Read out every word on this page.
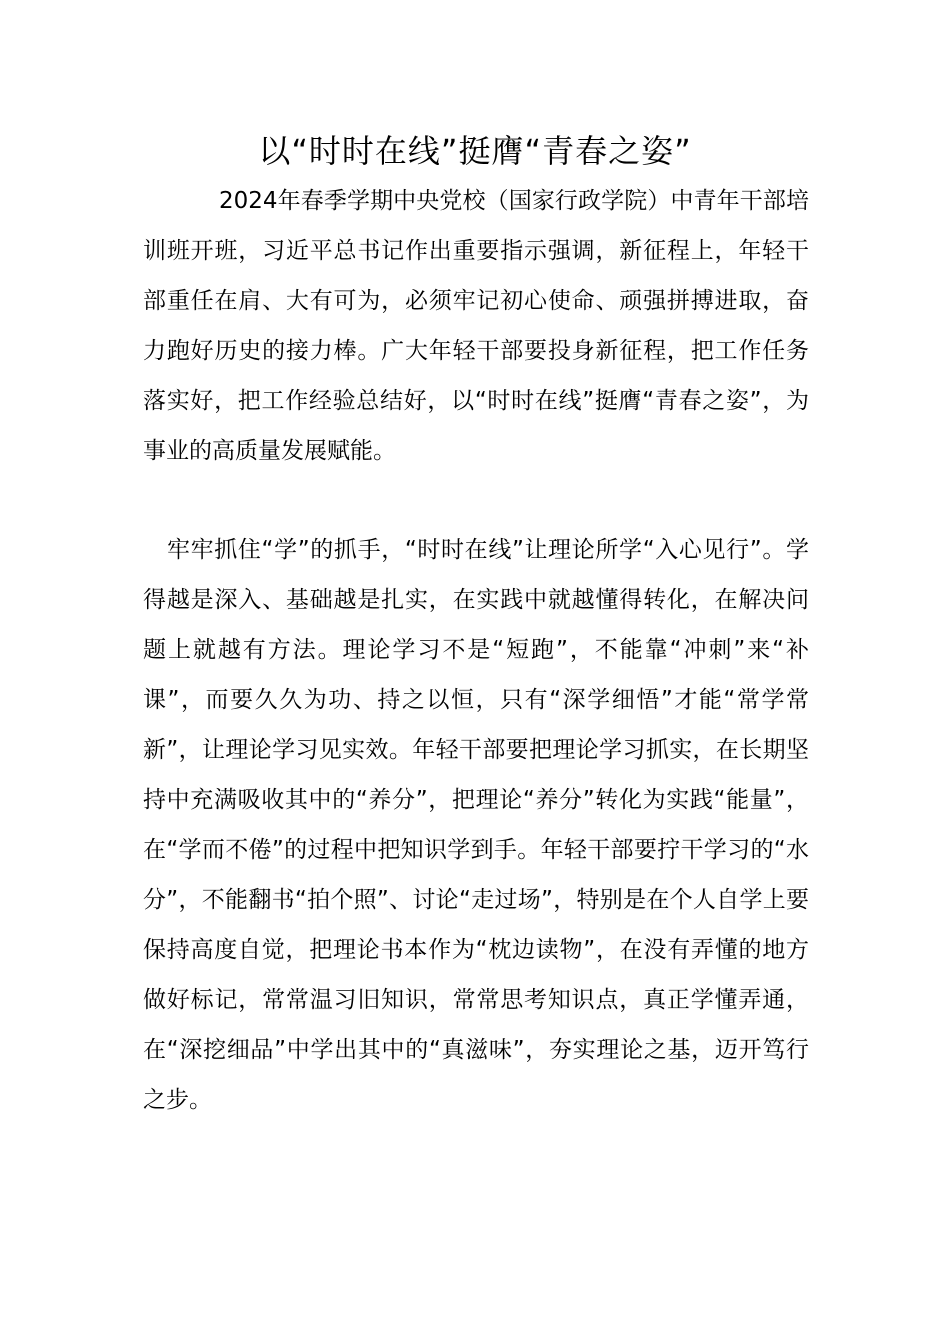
以“时时在线”挺膺“青春之姿”

2024年春季学期中央党校（国家行政学院）中青年干部培训班开班，习近平总书记作出重要指示强调，新征程上，年轻干部重任在肩、大有可为，必须牢记初心使命、顽强拼搏进取，奋力跑好历史的接力棒。广大年轻干部要投身新征程，把工作任务落实好，把工作经验总结好，以“时时在线”挺膺“青春之姿”，为事业的高质量发展赋能。

牢牢抓住“学”的抓手，“时时在线”让理论所学“入心见行”。学得越是深入、基础越是扎实，在实践中就越懂得转化，在解决问题上就越有方法。理论学习不是“短跑”，不能靠“冲刺”来“补课”，而要久久为功、持之以恒，只有“深学细悟”才能“常学常新”，让理论学习见实效。年轻干部要把理论学习抓实，在长期坚持中充满吸收其中的“养分”，把理论“养分”转化为实践“能量”，在“学而不倦”的过程中把知识学到手。年轻干部要拧干学习的“水分”，不能翻书“拍个照”、讨论“走过场”，特别是在个人自学上要保持高度自觉，把理论书本作为“枕边读物”，在没有弄懂的地方做好标记，常常温习旧知识，常常思考知识点，真正学懂弄通，在“深挖细品”中学出其中的“真滋味”，夯实理论之基，迈开笃行之步。
